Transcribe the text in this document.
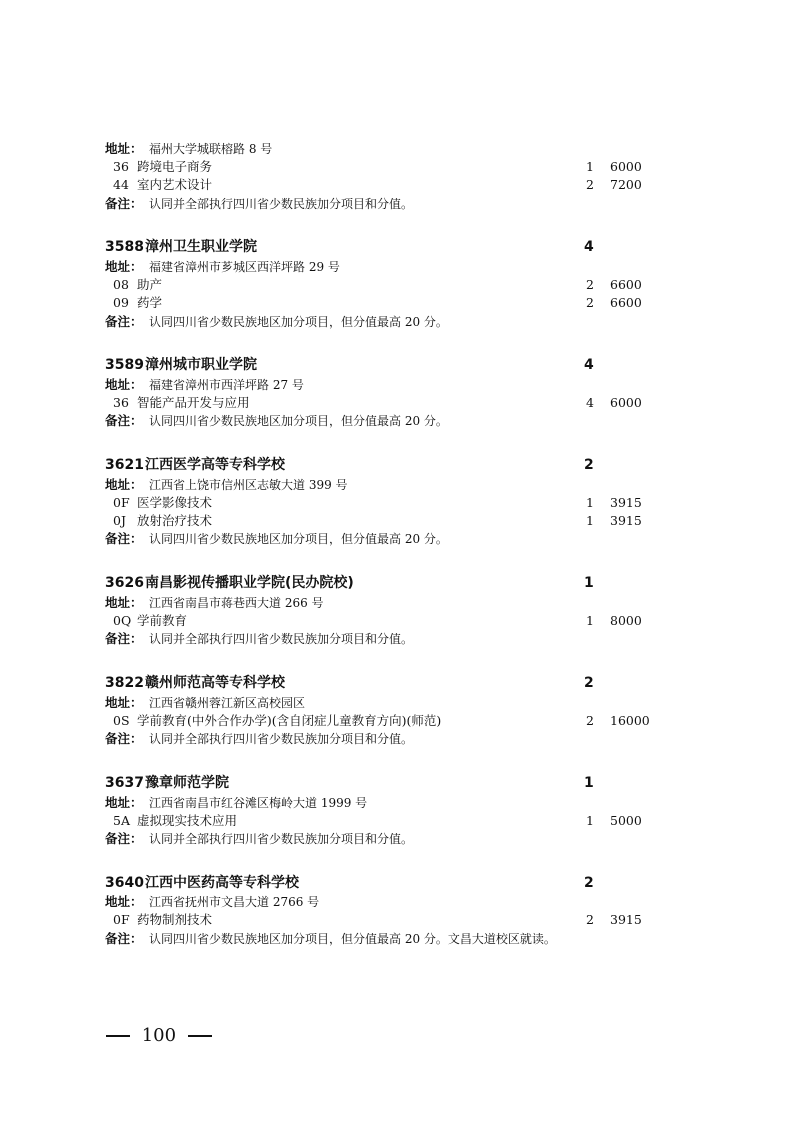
地址： 福州大学城联榕路 8 号
36 跨境电子商务	1 6000
44 室内艺术设计	2 7200
备注： 认同并全部执行四川省少数民族加分项目和分值。
3588 漳州卫生职业学院	4
地址： 福建省漳州市芗城区西洋坪路 29 号
08 助产	2 6600
09 药学	2 6600
备注： 认同四川省少数民族地区加分项目，但分值最高 20 分。
3589 漳州城市职业学院	4
地址： 福建省漳州市西洋坪路 27 号
36 智能产品开发与应用	4 6000
备注： 认同四川省少数民族地区加分项目，但分值最高 20 分。
3621 江西医学高等专科学校	2
地址： 江西省上饶市信州区志敏大道 399 号
0F 医学影像技术	1 3915
0J 放射治疗技术	1 3915
备注： 认同四川省少数民族地区加分项目，但分值最高 20 分。
3626 南昌影视传播职业学院(民办院校)	1
地址： 江西省南昌市蒋巷西大道 266 号
0Q 学前教育	1 8000
备注： 认同并全部执行四川省少数民族加分项目和分值。
3822 赣州师范高等专科学校	2
地址： 江西省赣州蓉江新区高校园区
0S 学前教育(中外合作办学)(含自闭症儿童教育方向)(师范)	2 16000
备注： 认同并全部执行四川省少数民族加分项目和分值。
3637 豫章师范学院	1
地址： 江西省南昌市红谷滩区梅岭大道 1999 号
5A 虚拟现实技术应用	1 5000
备注： 认同并全部执行四川省少数民族加分项目和分值。
3640 江西中医药高等专科学校	2
地址： 江西省抚州市文昌大道 2766 号
0F 药物制剂技术	2 3915
备注： 认同四川省少数民族地区加分项目，但分值最高 20 分。文昌大道校区就读。
100
